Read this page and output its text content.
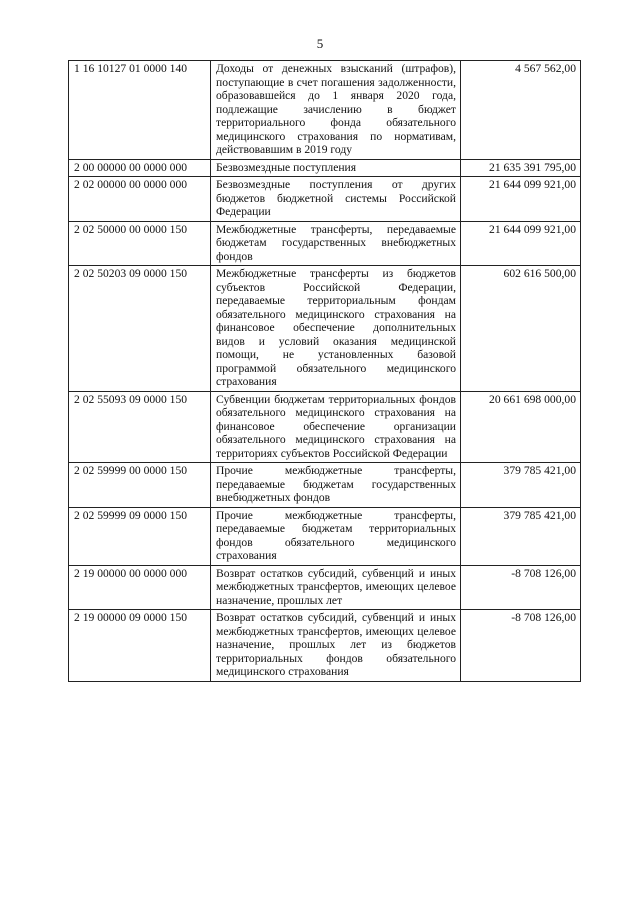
5
1 16 10127 01 0000 140	Доходы от денежных взысканий (штрафов), поступающие в счет погашения задолженности, образовавшейся до 1 января 2020 года, подлежащие зачислению в бюджет территориального фонда обязательного медицинского страхования по нормативам, действовавшим в 2019 году	4 567 562,00
2 00 00000 00 0000 000	Безвозмездные поступления	21 635 391 795,00
2 02 00000 00 0000 000	Безвозмездные поступления от других бюджетов бюджетной системы Российской Федерации	21 644 099 921,00
2 02 50000 00 0000 150	Межбюджетные трансферты, передаваемые бюджетам государственных внебюджетных фондов	21 644 099 921,00
2 02 50203 09 0000 150	Межбюджетные трансферты из бюджетов субъектов Российской Федерации, передаваемые территориальным фондам обязательного медицинского страхования на финансовое обеспечение дополнительных видов и условий оказания медицинской помощи, не установленных базовой программой обязательного медицинского страхования	602 616 500,00
2 02 55093 09 0000 150	Субвенции бюджетам территориальных фондов обязательного медицинского страхования на финансовое обеспечение организации обязательного медицинского страхования на территориях субъектов Российской Федерации	20 661 698 000,00
2 02 59999 00 0000 150	Прочие межбюджетные трансферты, передаваемые бюджетам государственных внебюджетных фондов	379 785 421,00
2 02 59999 09 0000 150	Прочие межбюджетные трансферты, передаваемые бюджетам территориальных фондов обязательного медицинского страхования	379 785 421,00
2 19 00000 00 0000 000	Возврат остатков субсидий, субвенций и иных межбюджетных трансфертов, имеющих целевое назначение, прошлых лет	-8 708 126,00
2 19 00000 09 0000 150	Возврат остатков субсидий, субвенций и иных межбюджетных трансфертов, имеющих целевое назначение, прошлых лет из бюджетов территориальных фондов обязательного медицинского страхования	-8 708 126,00
